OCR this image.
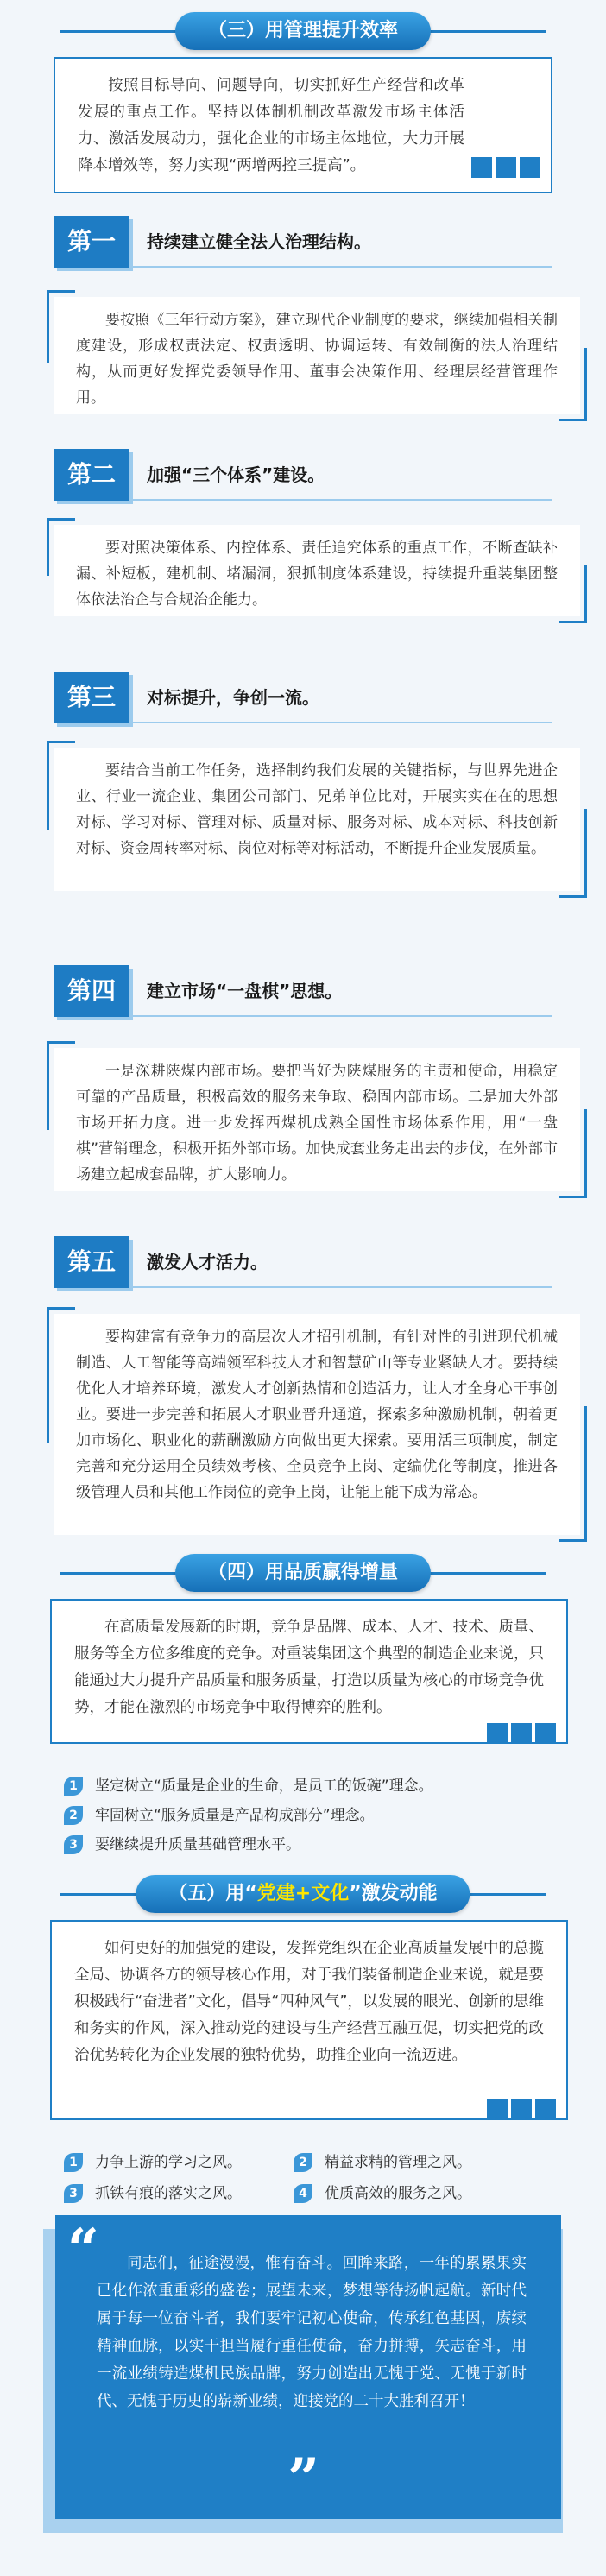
（三）用管理提升效率
按照目标导向、问题导向，切实抓好生产经营和改革发展的重点工作。坚持以体制机制改革激发市场主体活力、激活发展动力，强化企业的市场主体地位，大力开展降本增效等，努力实现“两增两控三提高”。
第一	持续建立健全法人治理结构。
要按照《三年行动方案》，建立现代企业制度的要求，继续加强相关制度建设，形成权责法定、权责透明、协调运转、有效制衡的法人治理结构，从而更好发挥党委领导作用、董事会决策作用、经理层经营管理作用。
第二	加强“三个体系”建设。
要对照决策体系、内控体系、责任追究体系的重点工作，不断查缺补漏、补短板，建机制、堵漏洞，狠抓制度体系建设，持续提升重装集团整体依法治企与合规治企能力。
第三	对标提升，争创一流。
要结合当前工作任务，选择制约我们发展的关键指标，与世界先进企业、行业一流企业、集团公司部门、兄弟单位比对，开展实实在在的思想对标、学习对标、管理对标、质量对标、服务对标、成本对标、科技创新对标、资金周转率对标、岗位对标等对标活动，不断提升企业发展质量。
第四	建立市场“一盘棋”思想。
一是深耕陕煤内部市场。要把当好为陕煤服务的主责和使命，用稳定可靠的产品质量，积极高效的服务来争取、稳固内部市场。二是加大外部市场开拓力度。进一步发挥西煤机成熟全国性市场体系作用，用“一盘棋”营销理念，积极开拓外部市场。加快成套业务走出去的步伐，在外部市场建立起成套品牌，扩大影响力。
第五	激发人才活力。
要构建富有竞争力的高层次人才招引机制，有针对性的引进现代机械制造、人工智能等高端领军科技人才和智慧矿山等专业紧缺人才。要持续优化人才培养环境，激发人才创新热情和创造活力，让人才全身心干事创业。要进一步完善和拓展人才职业晋升通道，探索多种激励机制，朝着更加市场化、职业化的薪酬激励方向做出更大探索。要用活三项制度，制定完善和充分运用全员绩效考核、全员竞争上岗、定编优化等制度，推进各级管理人员和其他工作岗位的竞争上岗，让能上能下成为常态。
（四）用品质赢得增量
在高质量发展新的时期，竞争是品牌、成本、人才、技术、质量、服务等全方位多维度的竞争。对重装集团这个典型的制造企业来说，只能通过大力提升产品质量和服务质量，打造以质量为核心的市场竞争优势，才能在激烈的市场竞争中取得博弈的胜利。
1	坚定树立“质量是企业的生命，是员工的饭碗”理念。
2	牢固树立“服务质量是产品构成部分”理念。
3	要继续提升质量基础管理水平。
（五）用“党建+文化”激发动能
如何更好的加强党的建设，发挥党组织在企业高质量发展中的总揽全局、协调各方的领导核心作用，对于我们装备制造企业来说，就是要积极践行“奋进者”文化，倡导“四种风气”，以发展的眼光、创新的思维和务实的作风，深入推动党的建设与生产经营互融互促，切实把党的政治优势转化为企业发展的独特优势，助推企业向一流迈进。
1	力争上游的学习之风。	2	精益求精的管理之风。
3	抓铁有痕的落实之风。	4	优质高效的服务之风。
“	同志们，征途漫漫，惟有奋斗。回眸来路，一年的累累果实已化作浓重重彩的盛卷；展望未来，梦想等待扬帆起航。新时代属于每一位奋斗者，我们要牢记初心使命，传承红色基因，赓续精神血脉，以实干担当履行重任使命，奋力拼搏，矢志奋斗，用一流业绩铸造煤机民族品牌，努力创造出无愧于党、无愧于新时代、无愧于历史的崭新业绩，迎接党的二十大胜利召开！
”
